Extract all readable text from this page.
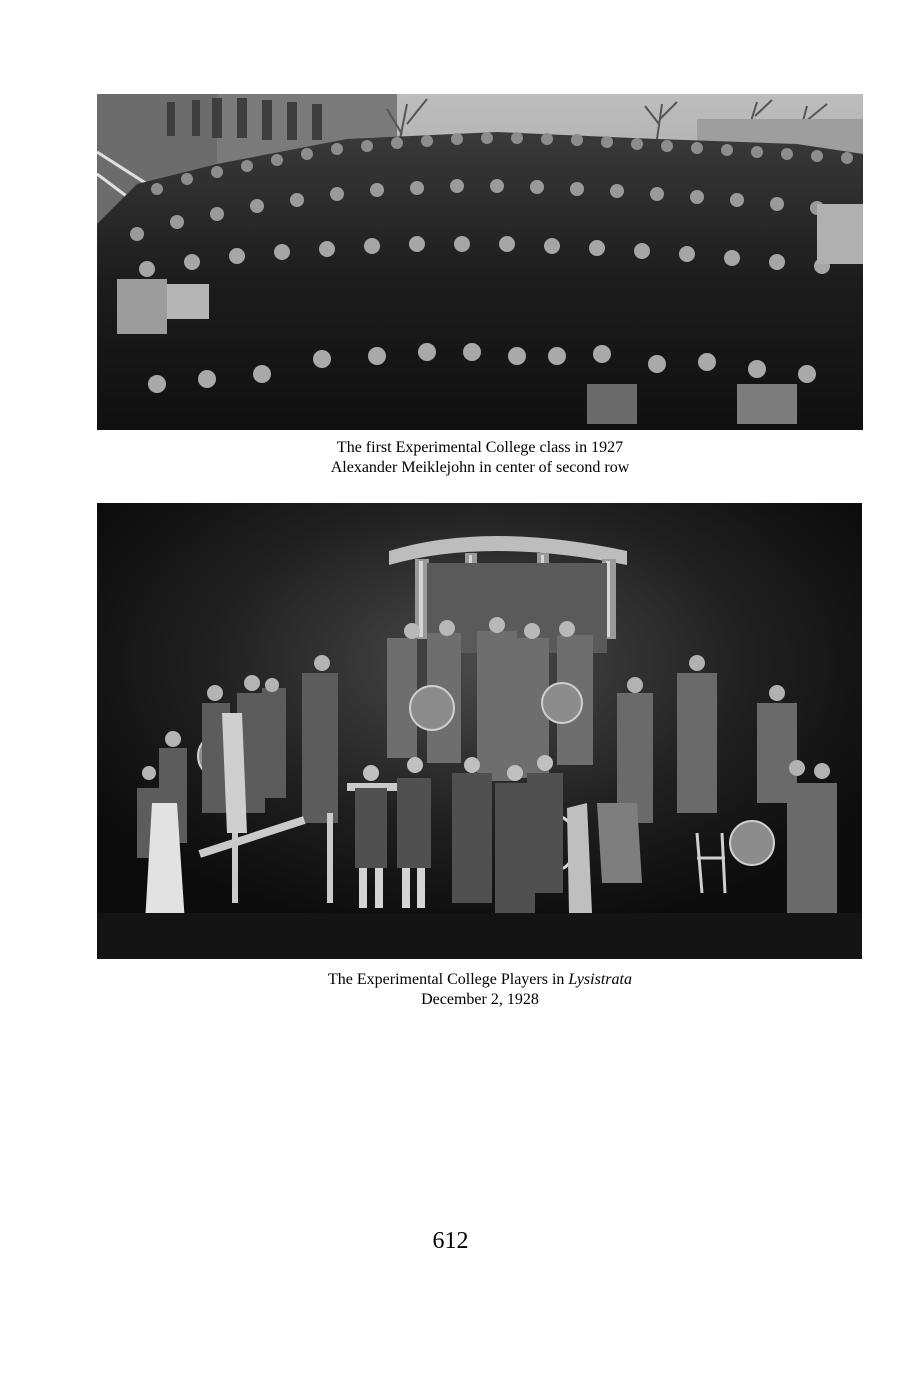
The first Experimental College class in 1927
Alexander Meiklejohn in center of second row
The Experimental College Players in Lysistrata
December 2, 1928
612
